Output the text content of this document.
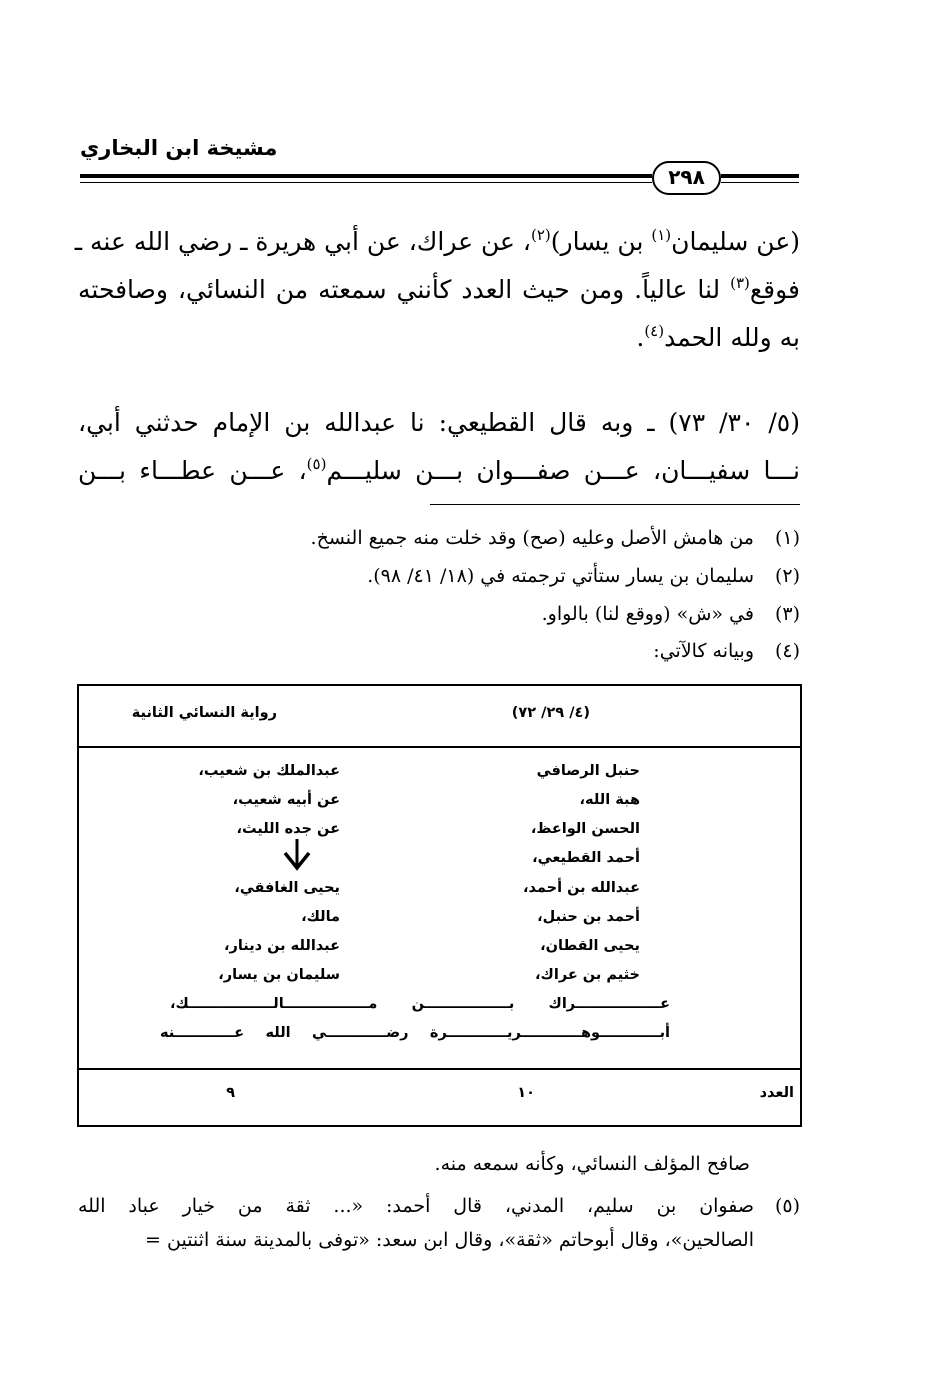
مشيخة ابن البخاري
٢٩٨
(عن سليمان$^{(١)}$ بن يسار)$^{(٢)}$، عن عراك، عن أبي هريرة ـ رضي الله عنه ـ
فوقع$^{(٣)}$ لنا عالياً. ومن حيث العدد كأنني سمعته من النسائي، وصافحته
به ولله الحمد$^{(٤)}$.
(٥/ ٣٠/ ٧٣) ـ وبه قال القطيعي: نا عبدالله بن الإمام حدثني أبي،
نـــا سفيـــان، عـــن صفـــوان بـــن سليـــم$^{(٥)}$، عـــن عطـــاء بـــن
(١)من هامش الأصل وعليه (صح) وقد خلت منه جميع النسخ.
(٢)سليمان بن يسار ستأتي ترجمته في (١٨/ ٤١/ ٩٨).
(٣)في «ش» (ووقع لنا) بالواو.
(٤)وبيانه كالآتي:
(٤/ ٢٩/ ٧٢)
رواية النسائي الثانية
حنبل الرصافي
هبة الله،
الحسن الواعظ،
أحمد القطيعي،
عبدالله بن أحمد،
أحمد بن حنبل،
يحيى القطان،
خثيم بن عراك،
عبدالملك بن شعيب،
عن أبيه شعيب،
عن جده الليث،
يحيى الغافقي،
مالك،
عبدالله بن دينار،
سليمان بن يسار،
عـــــــــــــــــراك بـــــــــــــــــن مـــــــــــــــــالـــــــــــــــــك،
أبــــــــــــوهــــــــــــريــــــــــــرة رضــــــــــــي الله عــــــــــــنه
العدد
١٠
٩
صافح المؤلف النسائي، وكأنه سمعه منه.
(٥)صفوان بن سليم، المدني، قال أحمد: «... ثقة من خيار عباد الله
الصالحين»، وقال أبوحاتم «ثقة»، وقال ابن سعد: «توفى بالمدينة سنة اثنتين =
